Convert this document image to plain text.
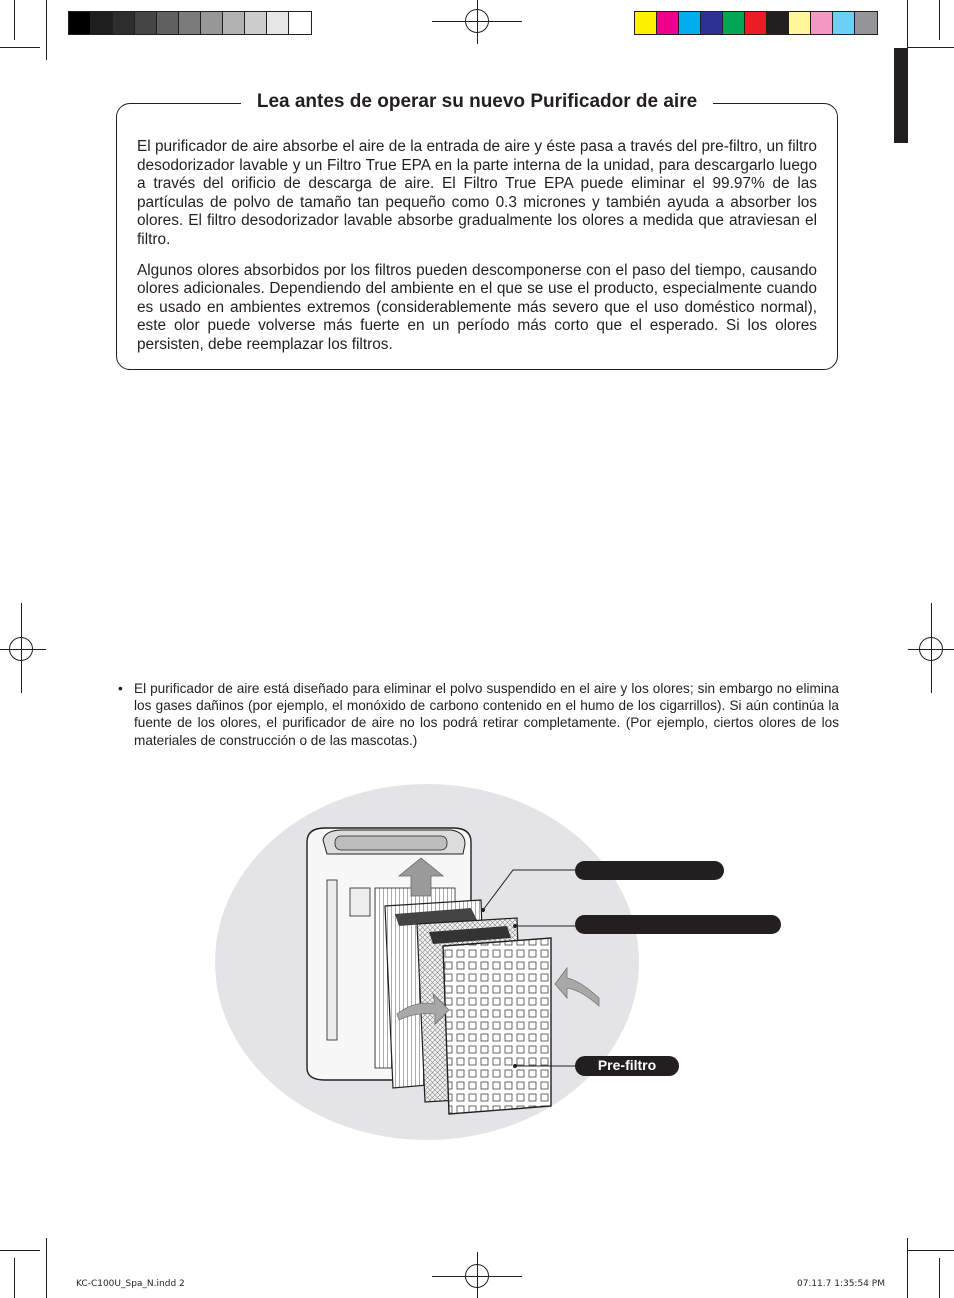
Lea antes de operar su nuevo Purificador de aire

El purificador de aire absorbe el aire de la entrada de aire y éste pasa a través del pre-filtro, un filtro desodorizador lavable y un Filtro True EPA en la parte interna de la unidad, para descargarlo luego a través del orificio de descarga de aire. El Filtro True EPA puede eliminar el 99.97% de las partículas de polvo de tamaño tan pequeño como 0.3 micrones y también ayuda a absorber los olores. El filtro desodorizador lavable absorbe gradualmente los olores a medida que atraviesan el filtro.

Algunos olores absorbidos por los filtros pueden descomponerse con el paso del tiempo, causando olores adicionales. Dependiendo del ambiente en el que se use el producto, especialmente cuando es usado en ambientes extremos (considerablemente más severo que el uso doméstico normal), este olor puede volverse más fuerte en un período más corto que el esperado. Si los olores persisten, debe reemplazar los filtros.

• El purificador de aire está diseñado para eliminar el polvo suspendido en el aire y los olores; sin embargo no elimina los gases dañinos (por ejemplo, el monóxido de carbono contenido en el humo de los cigarrillos). Si aún continúa la fuente de los olores, el purificador de aire no los podrá retirar completamente. (Por ejemplo, ciertos olores de los materiales de construcción o de las mascotas.)
Pre-filtro
KC-C100U_Spa_N.indd 2	07.11.7 1:35:54 PM
